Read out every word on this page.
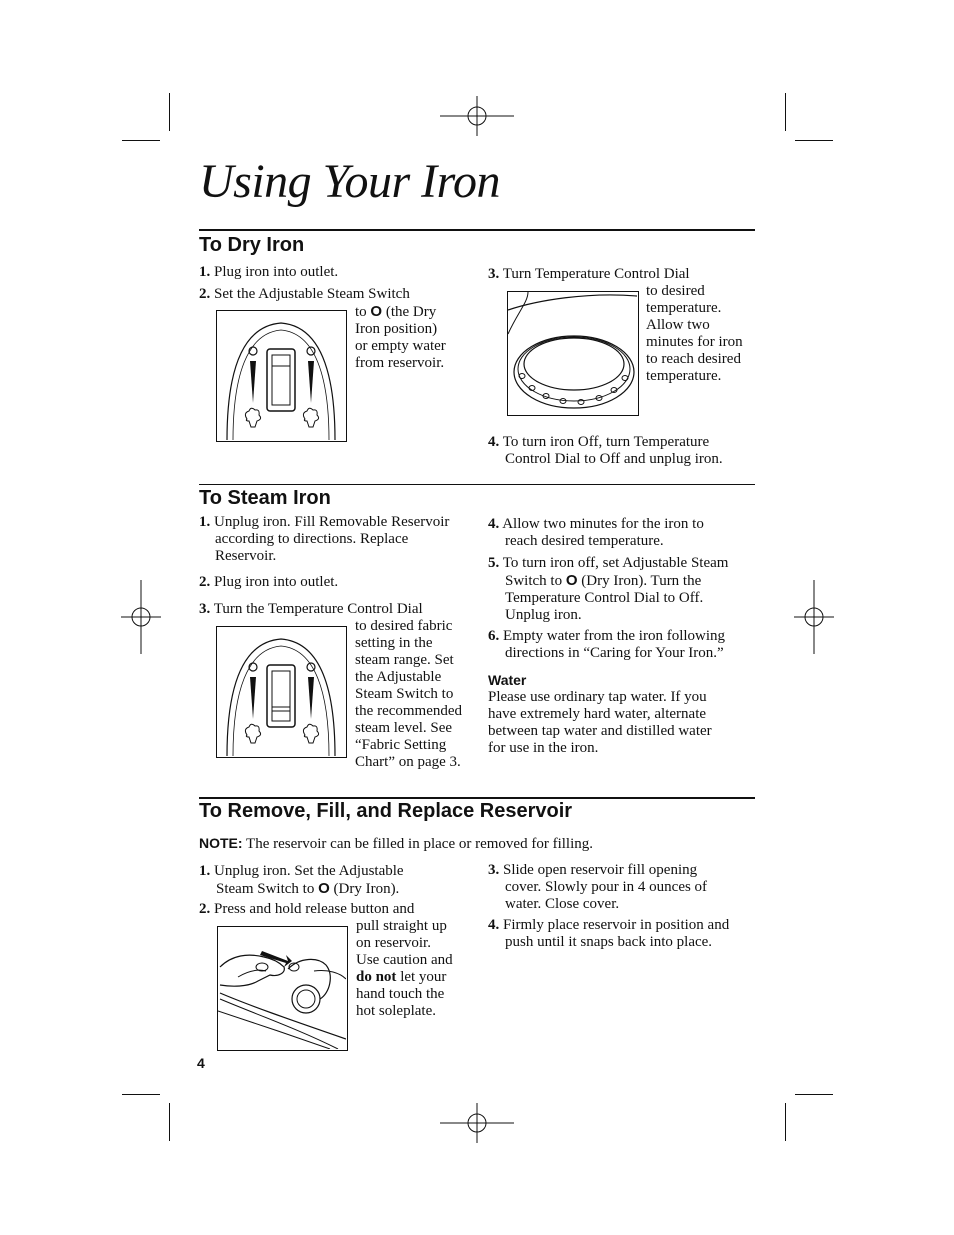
Using Your Iron
To Dry Iron
1. Plug iron into outlet.
2. Set the Adjustable Steam Switch
to O (the Dry
Iron position)
or empty water
from reservoir.
3. Turn Temperature Control Dial
to desired
temperature.
Allow two
minutes for iron
to reach desired
temperature.
4. To turn iron Off, turn Temperature
Control Dial to Off and unplug iron.
To Steam Iron
1. Unplug iron. Fill Removable Reservoir
according to directions. Replace
Reservoir.
2. Plug iron into outlet.
3. Turn the Temperature Control Dial
to desired fabric
setting in the
steam range. Set
the Adjustable
Steam Switch to
the recommended
steam level. See
“Fabric Setting
Chart” on page 3.
4. Allow two minutes for the iron to
reach desired temperature.
5. To turn iron off, set Adjustable Steam
Switch to O (Dry Iron). Turn the
Temperature Control Dial to Off.
Unplug iron.
6. Empty water from the iron following
directions in “Caring for Your Iron.”
Water
Please use ordinary tap water. If you
have extremely hard water, alternate
between tap water and distilled water
for use in the iron.
To Remove, Fill, and Replace Reservoir
NOTE: The reservoir can be filled in place or removed for filling.
1. Unplug iron. Set the Adjustable
Steam Switch to O (Dry Iron).
2. Press and hold release button and
pull straight up
on reservoir.
Use caution and
do not let your
hand touch the
hot soleplate.
3. Slide open reservoir fill opening
cover. Slowly pour in 4 ounces of
water. Close cover.
4. Firmly place reservoir in position and
push until it snaps back into place.
4
